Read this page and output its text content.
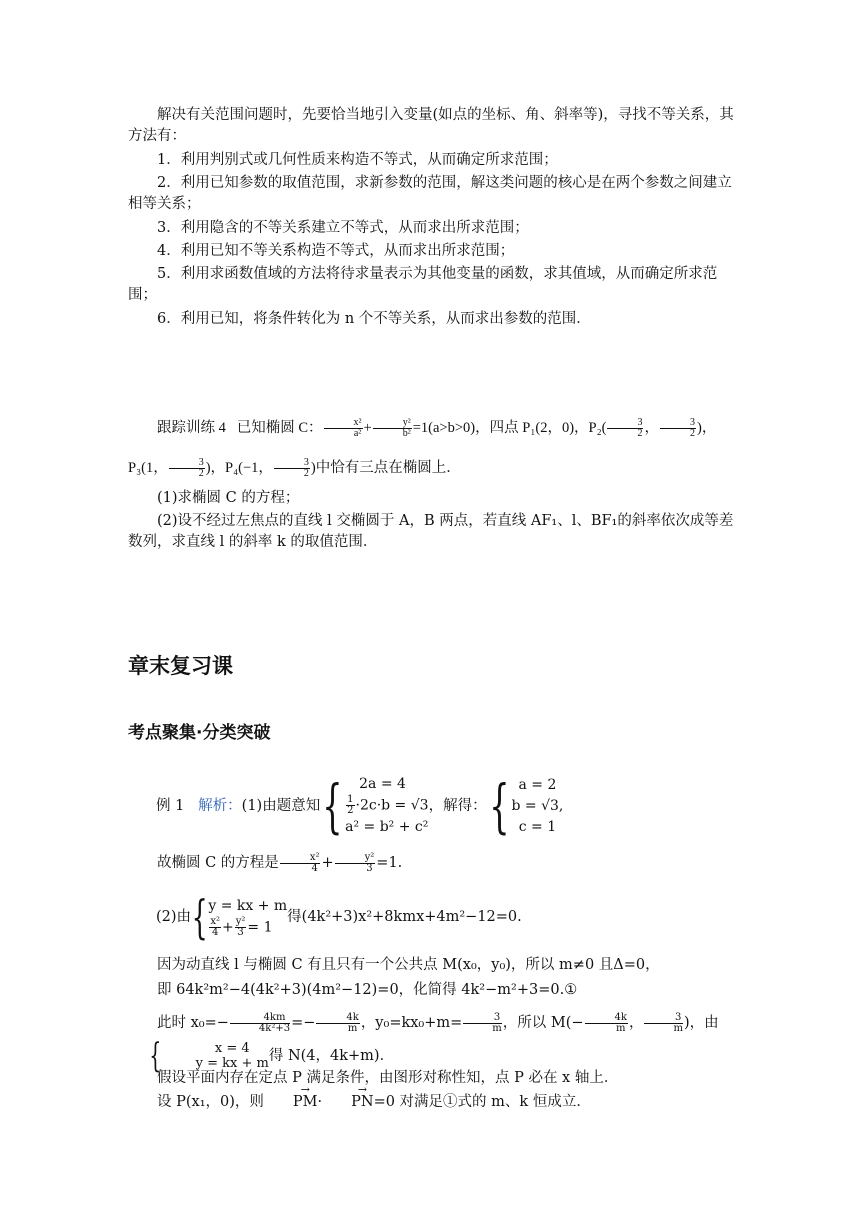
解决有关范围问题时，先要恰当地引入变量(如点的坐标、角、斜率等)，寻找不等关系，其方法有：
1．利用判别式或几何性质来构造不等式，从而确定所求范围；
2．利用已知参数的取值范围，求新参数的范围，解这类问题的核心是在两个参数之间建立相等关系；
3．利用隐含的不等关系建立不等式，从而求出所求范围；
4．利用已知不等关系构造不等式，从而求出所求范围；
5．利用求函数值域的方法将待求量表示为其他变量的函数，求其值域，从而确定所求范围；
6．利用已知，将条件转化为 n 个不等关系，从而求出参数的范围．
跟踪训练 4 已知椭圆 C： $\frac{\text{x²}}{\text{a²}} + \frac{\text{y²}}{\text{b²}} =1(a>b>0)$，四点 P₁(2，0)，$P_2( \frac{3}{2}$ ， $\frac{3}{2}$ )，P₃(1， $\frac{3}{2}$ )，P₄(−1， $\frac{3}{2}$ )中恰有三点在椭圆上．
(1)求椭圆 C 的方程；
(2)设不经过左焦点的直线 l 交椭圆于 A，B 两点，若直线 AF₁、l、BF₁的斜率依次成等差数列，求直线 l 的斜率 k 的取值范围．
章末复习课
考点聚集·分类突破
例 1
解析： (1)由题意知 {	2a = 4
$\frac{1}{2} \cdot 2c\cdot b = √3$
a² = b² + c²
，解得： { a = 2
b = √3,
c = 1
故椭圆 C 的方程是 $\frac{\text{x²}}{4} + \frac{\text{y²}}{3} =1$.
(2)由 { y = kx + m
$\frac{\text{x²}}{4} + \frac{\text{y²}}{3} = 1$
得(4k²+3)x²+8kmx+4m²−12=0.
因为动直线 l 与椭圆 C 有且只有一个公共点 M(x₀，y₀)，所以 m≠0 且Δ=0，
即 64k²m²−4(4k²+3)(4m²−12)=0，化简得 4k²−m²+3=0.①
此时 $x_0=- \frac{4km}{\text{4k²+3}} =- \frac{4k}{m}$ ，$y_0=kx_0+m= \frac{3}{m}$ ，所以 $M(- \frac{4k}{m}$ ， $\frac{3}{m}$ )，由{	x = 4
y = kx + m 得 N(4，4k+m)．
假设平面内存在定点 P 满足条件，由图形对称性知，点 P 必在 x 轴上．
设 P(x₁，0)，则 → PM· → PN=0 对满足①式的 m、k 恒成立．
